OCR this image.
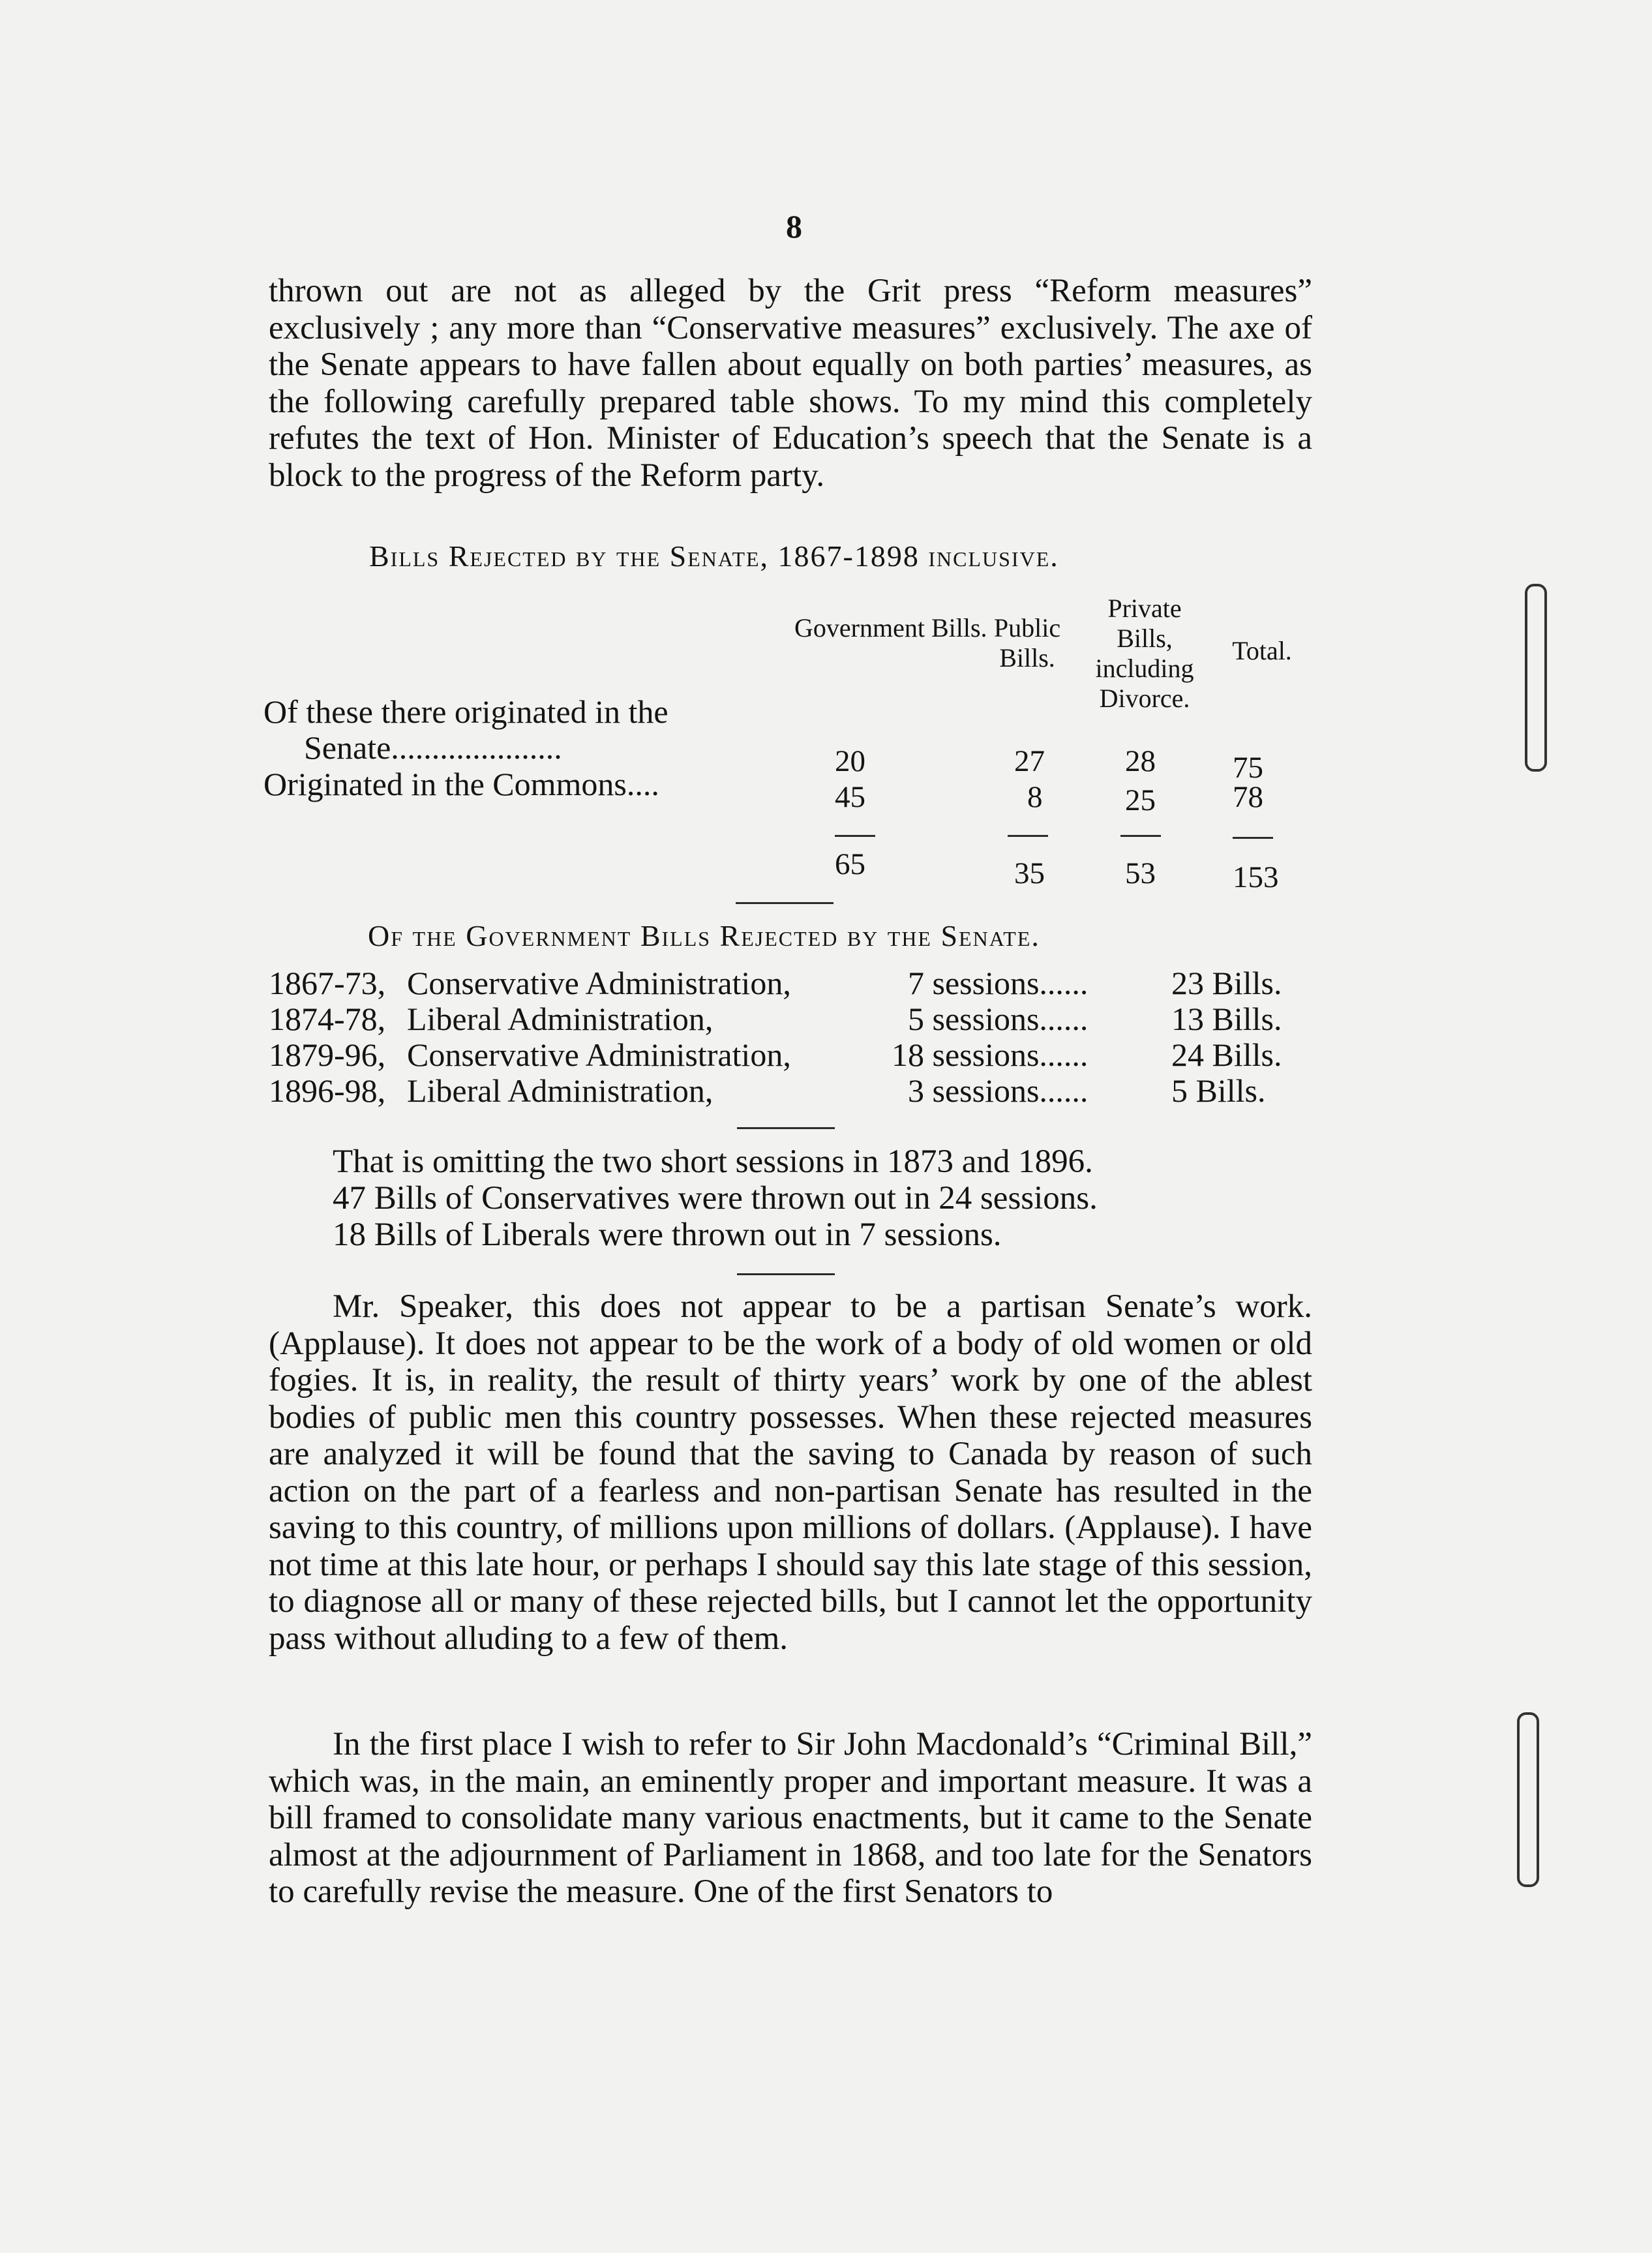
8
thrown out are not as alleged by the Grit press “Reform measures” exclusively ; any more than “Conservative measures” exclusively. The axe of the Senate appears to have fallen about equally on both parties’ measures, as the following carefully prepared table shows. To my mind this completely refutes the text of Hon. Minister of Education’s speech that the Senate is a block to the progress of the Reform party.
Bills Rejected by the Senate, 1867-1898 inclusive.
Government Bills. Public Bills.
Private Bills, including Divorce.
Total.
Of these there originated in the
Senate.....................	20	27	28	75
Originated in the Commons....	45	8	25	78
65	35	53	153
Of the Government Bills Rejected by the Senate.
1867-73, Conservative Administration,	7 sessions......	23 Bills.
1874-78, Liberal Administration,	5 sessions......	13 Bills.
1879-96, Conservative Administration,	18 sessions......	24 Bills.
1896-98, Liberal Administration,	3 sessions......	5 Bills.
That is omitting the two short sessions in 1873 and 1896.
47 Bills of Conservatives were thrown out in 24 sessions.
18 Bills of Liberals were thrown out in 7 sessions.
Mr. Speaker, this does not appear to be a partisan Senate’s work. (Applause). It does not appear to be the work of a body of old women or old fogies. It is, in reality, the result of thirty years’ work by one of the ablest bodies of public men this country possesses. When these rejected measures are analyzed it will be found that the saving to Canada by reason of such action on the part of a fearless and non-partisan Senate has resulted in the saving to this country, of millions upon millions of dollars. (Applause). I have not time at this late hour, or perhaps I should say this late stage of this session, to diagnose all or many of these rejected bills, but I cannot let the opportunity pass without alluding to a few of them.
In the first place I wish to refer to Sir John Macdonald’s “Criminal Bill,” which was, in the main, an eminently proper and important measure. It was a bill framed to consolidate many various enactments, but it came to the Senate almost at the adjournment of Parliament in 1868, and too late for the Senators to carefully revise the measure. One of the first Senators to
